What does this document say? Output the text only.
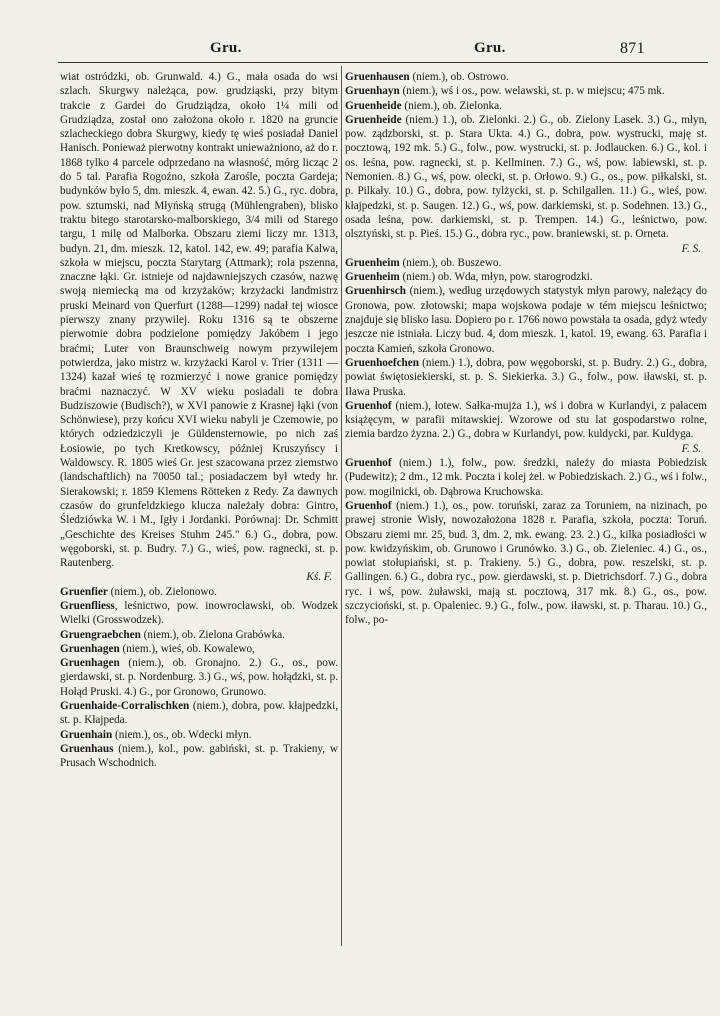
Gru.	Gru.	871
wiat ostródzki, ob. Grunwald. 4.) G., mała osada do wsi szlach. Skurgwy należąca, pow. grudziąski, przy bitym trakcie z Gardei do Grudziądza, około 1¼ mili od Grudziądza, został ono założona około r. 1820 na gruncie szlacheckiego dobra Skurgwy, kiedy tę wieś posiadał Daniel Hanisch. Ponieważ pierwotny kontrakt unieważniono, aż do r. 1868 tylko 4 parcele odprzedano na własność, mórg licząc 2 do 5 tal. Parafia Rogoźno, szkoła Zarośle, poczta Gardeja; budynków było 5, dm. mieszk. 4, ewan. 42. 5.) G., ryc. dobra, pow. sztumski, nad Młyńską strugą (Mühlengraben), blisko traktu bitego starotarsko-malborskiego, 3/4 mili od Starego targu, 1 milę od Malborka. Obszaru ziemi liczy mr. 1313, budyn. 21, dm. mieszk. 12, katol. 142, ew. 49; parafia Kalwa, szkoła w miejscu, poczta Starytarg (Attmark); rola pszenna, znaczne łąki. Gr. istnieje od najdawniejszych czasów, nazwę swoją niemiecką ma od krzyżaków; krzyżacki landmistrz pruski Meinard von Querfurt (1288—1299) nadał tej wiosce pierwszy znany przywilej. Roku 1316 są te obszerne pierwotnie dobra podzielone pomiędzy Jakóbem i jego braćmi; Luter von Braunschweig nowym przywilejem potwierdza, jako mistrz w. krzyżacki Karol v. Trier (1311 — 1324) kazał wieś tę rozmierzyć i nowe granice pomiędzy braćmi naznaczyć. W XV wieku posiadali te dobra Budziszowie (Budisch?), w XVI panowie z Krasnej łąki (von Schönwiese), przy końcu XVI wieku nabyli je Czemowie, po których odziedziczyli je Güldensternowie, po nich zaś Łosiowie, po tych Kretkowscy, później Kruszyńscy i Waldowscy. R. 1805 wieś Gr. jest szacowana przez ziemstwo (landschaftlich) na 70050 tal.; posiadaczem był wtedy hr. Sierakowski; r. 1859 Klemens Rötteken z Redy. Za dawnych czasów do grunfeldzkiego klucza należały dobra: Gintro, Śledziówka W. i M., Igły i Jordanki. Porównaj: Dr. Schmitt „Geschichte des Kreises Stuhm 245." 6.) G., dobra, pow. węgoborski, st. p. Budry. 7.) G., wieś, pow. ragnecki, st. p. Rautenberg.
Kś. F.
Gruenfier (niem.), ob. Zielonowo.
Gruenfliess, leśnictwo, pow. inowrocławski, ob. Wodzek Wielki (Grosswodzek).
Gruengraebchen (niem.), ob. Zielona Grabówka.
Gruenhagen (niem.), wieś, ob. Kowalewo,
Gruenhagen (niem.), ob. Gronajno. 2.) G., os., pow. gierdawski, st. p. Nordenburg. 3.) G., wś, pow. hołądzki, st. p. Hołąd Pruski. 4.) G., por Gronowo, Grunowo.
Gruenhaide-Corralischken (niem.), dobra, pow. kłajpedzki, st. p. Kłajpeda.
Gruenhain (niem.), os., ob. Wdecki młyn.
Gruenhaus (niem.), kol., pow. gabiński, st. p. Trakieny, w Prusach Wschodnich.
Gruenhausen (niem.), ob. Ostrowo.
Gruenhayn (niem.), wś i os., pow. welawski, st. p. w miejscu; 475 mk.
Gruenheide (niem.), ob. Zielonka.
Gruenheide (niem.) 1.), ob. Zielonki. 2.) G., ob. Zielony Lasek. 3.) G., młyn, pow. ządzborski, st. p. Stara Ukta. 4.) G., dobra, pow. wystrucki, maję st. pocztową, 192 mk. 5.) G., folw., pow. wystrucki, st. p. Jodlaucken. 6.) G., kol. i os. leśna, pow. ragnecki, st. p. Kellminen. 7.) G., wś, pow. labiewski, st. p. Nemonien. 8.) G., wś, pow. olecki, st. p. Orłowo. 9.) G., os., pow. piłkalski, st. p. Pilkały. 10.) G., dobra, pow. tylżycki, st. p. Schilgallen. 11.) G., wieś, pow. kłajpedzki, st. p. Saugen. 12.) G., wś, pow. darkiemski, st. p. Sodehnen. 13.) G., osada leśna, pow. darkiemski, st. p. Trempen. 14.) G., leśnictwo, pow. olsztyński, st. p. Pieś. 15.) G., dobra ryc., pow. braniewski, st. p. Orneta.
F. S.
Gruenheim (niem.), ob. Buszewo.
Gruenheim (niem.) ob. Wda, młyn, pow. starogrodzki.
Gruenhirsch (niem.), według urzędowych statystyk młyn parowy, należący do Gronowa, pow. złotowski; mapa wojskowa podaje w tém miejscu leśnictwo; znajduje się blisko lasu. Dopiero po r. 1766 nowo powstała ta osada, gdyż wtedy jeszcze nie istniała. Liczy bud. 4, dom mieszk. 1, katol. 19, ewang. 63. Parafia i poczta Kamień, szkoła Gronowo.
Gruenhoefchen (niem.) 1.), dobra, pow węgoborski, st. p. Budry. 2.) G., dobra, powiat świętosiekierski, st. p. S. Siekierka. 3.) G., folw., pow. iławski, st. p. Iława Pruska.
Gruenhof (niem.), łotew. Sałka-mujża 1.), wś i dobra w Kurlandyi, z pałacem książęcym, w parafii mitawskiej. Wzorowe od stu lat gospodarstwo rolne, ziemia bardzo żyzna. 2.) G., dobra w Kurlandyi, pow. kuldycki, par. Kuldyga.
F. S.
Gruenhof (niem.) 1.), folw., pow. średzki, należy do miasta Pobiedzisk (Pudewitz); 2 dm., 12 mk. Poczta i kolej żel. w Pobiedziskach. 2.) G., wś i folw., pow. mogilnicki, ob. Dąbrowa Kruchowska.
Gruenhof (niem.) 1.), os., pow. toruński, zaraz za Toruniem, na nizinach, po prawej stronie Wisły, nowozałożona 1828 r. Parafia, szkoła, poczta: Toruń. Obszaru ziemi mr. 25, bud. 3, dm. 2, mk. ewang. 23. 2.) G., kilka posiadłości w pow. kwidzyńskim, ob. Grunowo i Grunówko. 3.) G., ob. Zieleniec. 4.) G., os., powiat stołupiański, st. p. Trakieny. 5.) G., dobra, pow. reszelski, st. p. Gallingen. 6.) G., dobra ryc., pow. gierdawski, st. p. Dietrichsdorf. 7.) G., dobra ryc. i wś, pow. żuławski, mają st. pocztową, 317 mk. 8.) G., os., pow. szczycioński, st. p. Opaleniec. 9.) G., folw., pow. iławski, st. p. Tharau. 10.) G., folw., po-
